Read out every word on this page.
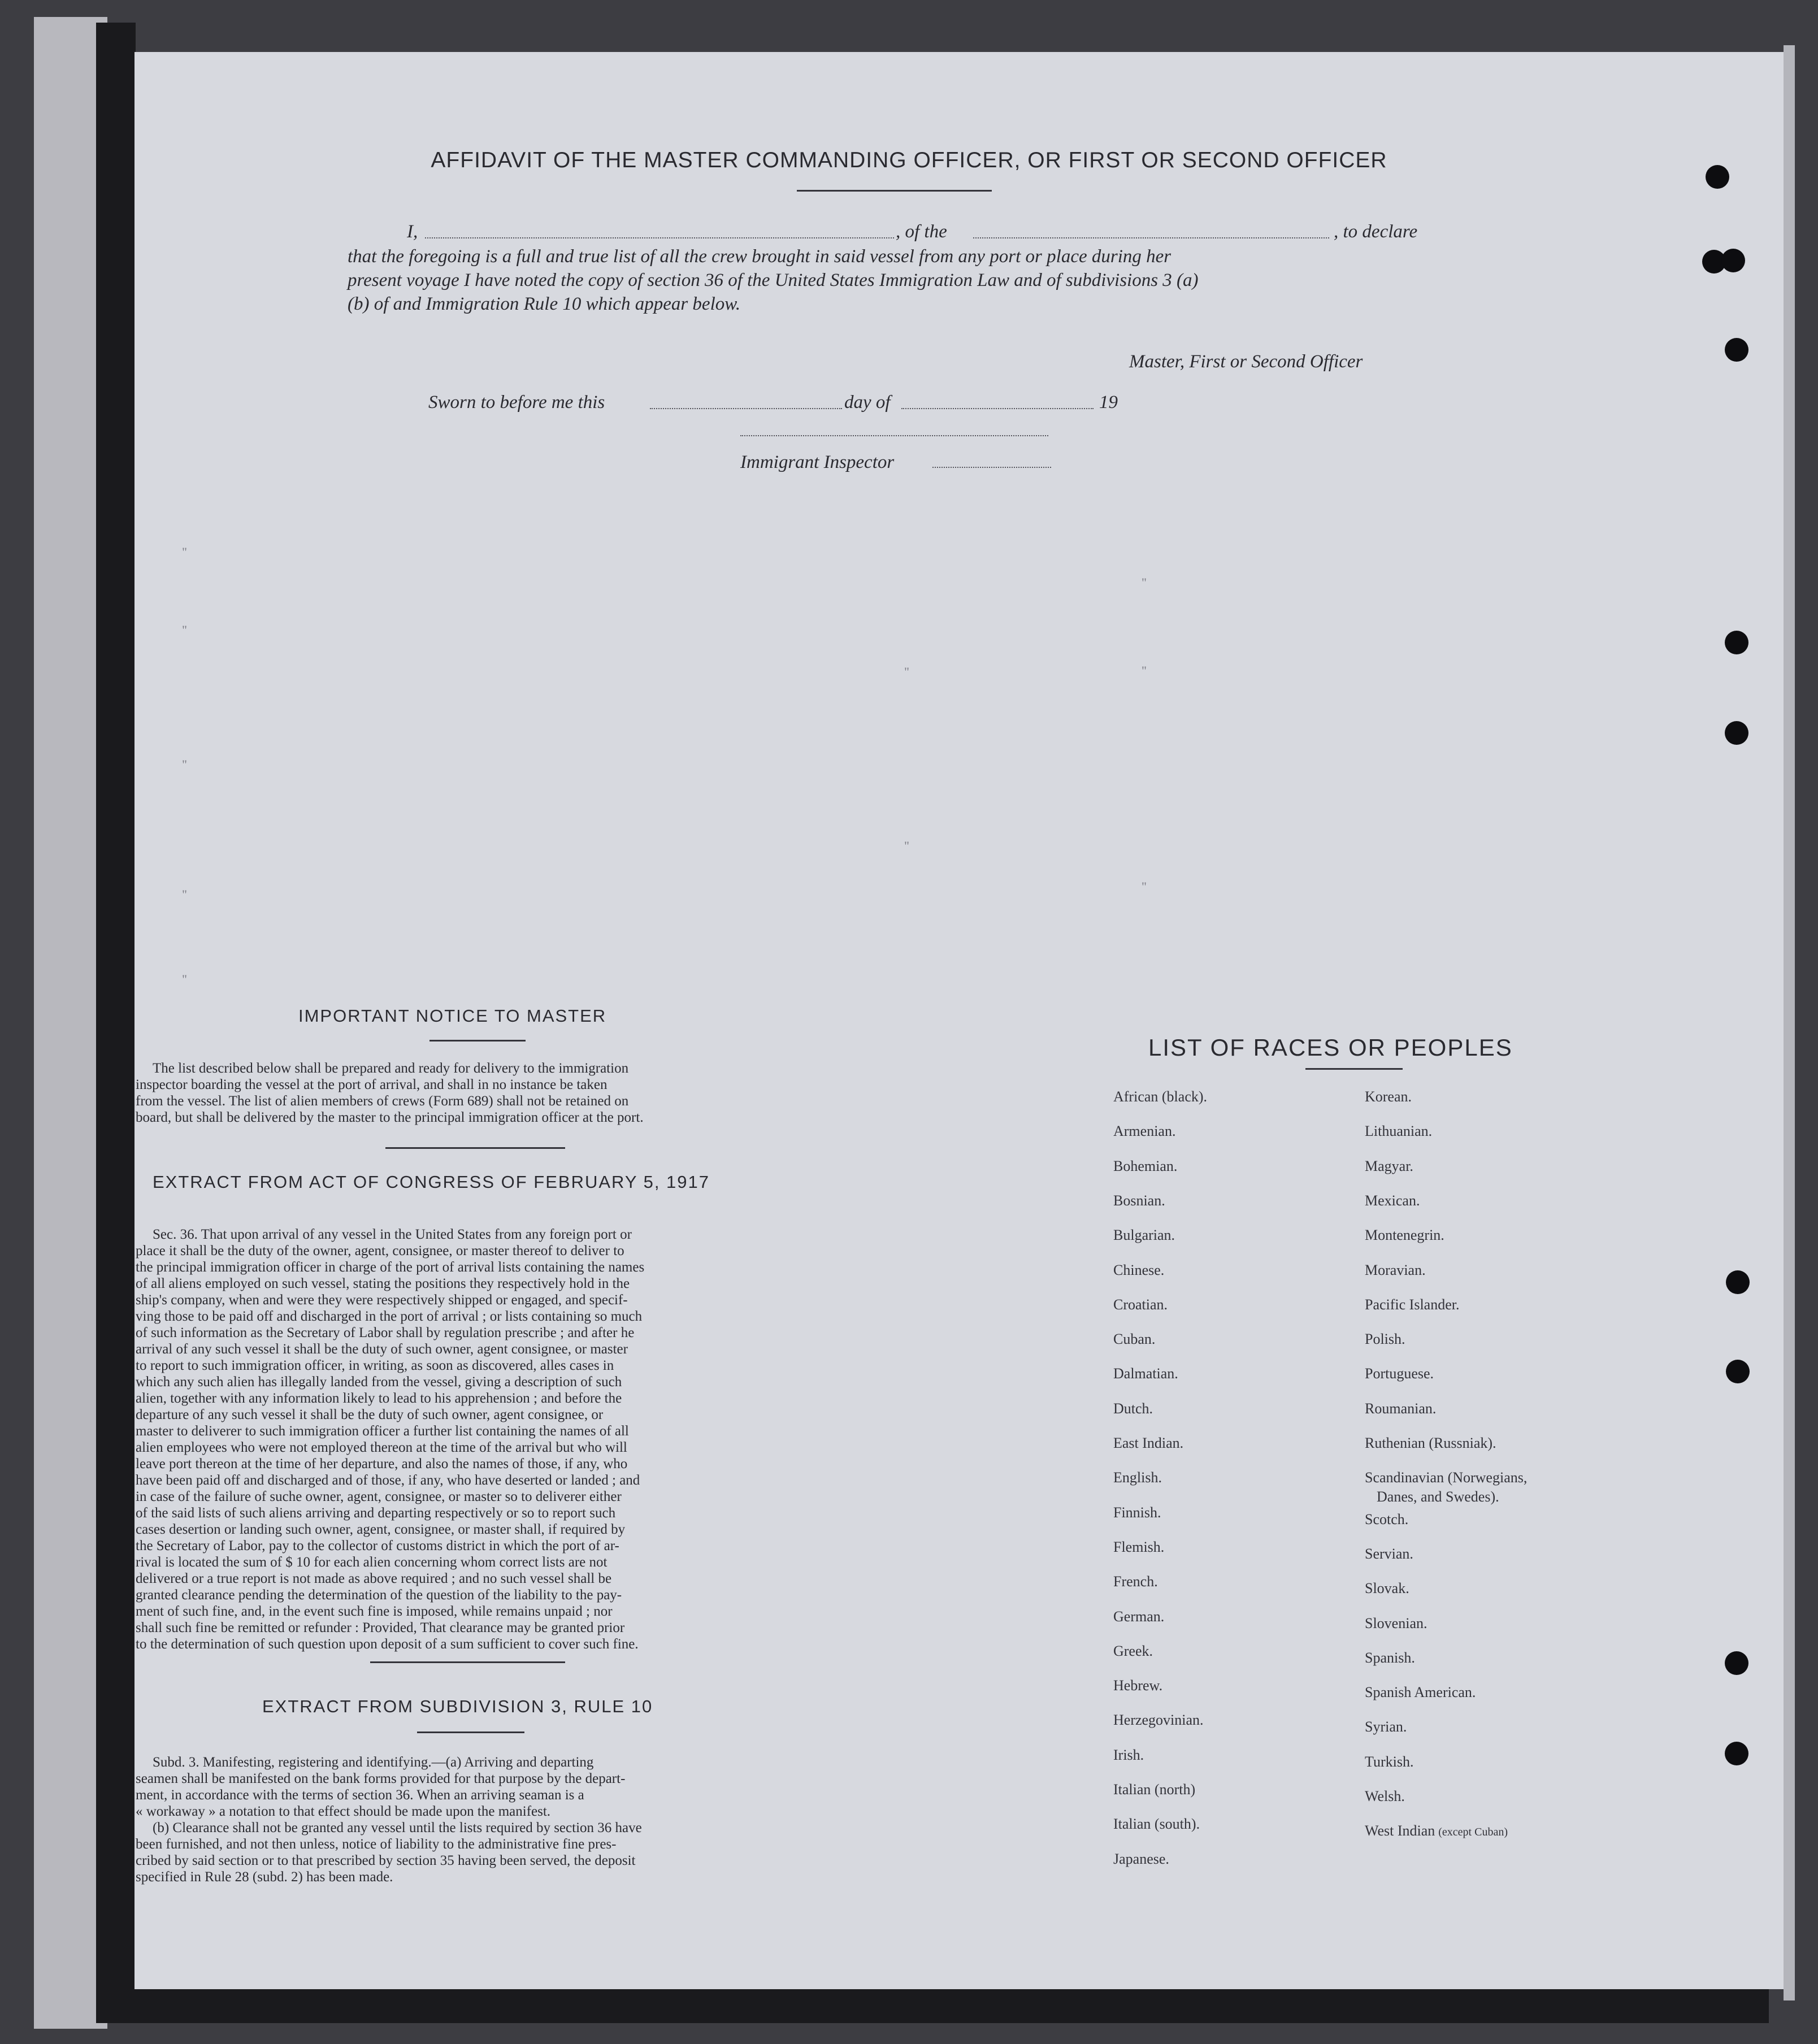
AFFIDAVIT OF THE MASTER COMMANDING OFFICER, OR FIRST OR SECOND OFFICER
I,	, of the	, to declare
that the foregoing is a full and true list of all the crew brought in said vessel from any port or place during her
present voyage I have noted the copy of section 36 of the United States Immigration Law and of subdivisions 3 (a)
(b) of and Immigration Rule 10 which appear below.
Master, First or Second Officer
Sworn to before me this	day of	19
Immigrant Inspector
"
"
"
"
"
"
"
"
"
"
IMPORTANT NOTICE TO MASTER
The list described below shall be prepared and ready for delivery to the immigration
inspector boarding the vessel at the port of arrival, and shall in no instance be taken
from the vessel. The list of alien members of crews (Form 689) shall not be retained on
board, but shall be delivered by the master to the principal immigration officer at the port.
EXTRACT FROM ACT OF CONGRESS OF FEBRUARY 5, 1917
Sec. 36. That upon arrival of any vessel in the United States from any foreign port or
place it shall be the duty of the owner, agent, consignee, or master thereof to deliver to
the principal immigration officer in charge of the port of arrival lists containing the names
of all aliens employed on such vessel, stating the positions they respectively hold in the
ship's company, when and were they were respectively shipped or engaged, and specif-
ving those to be paid off and discharged in the port of arrival ; or lists containing so much
of such information as the Secretary of Labor shall by regulation prescribe ; and after he
arrival of any such vessel it shall be the duty of such owner, agent consignee, or master
to report to such immigration officer, in writing, as soon as discovered, alles cases in
which any such alien has illegally landed from the vessel, giving a description of such
alien, together with any information likely to lead to his apprehension ; and before the
departure of any such vessel it shall be the duty of such owner, agent consignee, or
master to deliverer to such immigration officer a further list containing the names of all
alien employees who were not employed thereon at the time of the arrival but who will
leave port thereon at the time of her departure, and also the names of those, if any, who
have been paid off and discharged and of those, if any, who have deserted or landed ; and
in case of the failure of suche owner, agent, consignee, or master so to deliverer either
of the said lists of such aliens arriving and departing respectively or so to report such
cases desertion or landing such owner, agent, consignee, or master shall, if required by
the Secretary of Labor, pay to the collector of customs district in which the port of ar-
rival is located the sum of $ 10 for each alien concerning whom correct lists are not
delivered or a true report is not made as above required ; and no such vessel shall be
granted clearance pending the determination of the question of the liability to the pay-
ment of such fine, and, in the event such fine is imposed, while remains unpaid ; nor
shall such fine be remitted or refunder : Provided, That clearance may be granted prior
to the determination of such question upon deposit of a sum sufficient to cover such fine.
EXTRACT FROM SUBDIVISION 3, RULE 10
Subd. 3. Manifesting, registering and identifying.—(a) Arriving and departing
seamen shall be manifested on the bank forms provided for that purpose by the depart-
ment, in accordance with the terms of section 36. When an arriving seaman is a
« workaway » a notation to that effect should be made upon the manifest.
(b) Clearance shall not be granted any vessel until the lists required by section 36 have
been furnished, and not then unless, notice of liability to the administrative fine pres-
cribed by said section or to that prescribed by section 35 having been served, the deposit
specified in Rule 28 (subd. 2) has been made.
LIST OF RACES OR PEOPLES
African (black).
Armenian.
Bohemian.
Bosnian.
Bulgarian.
Chinese.
Croatian.
Cuban.
Dalmatian.
Dutch.
East Indian.
English.
Finnish.
Flemish.
French.
German.
Greek.
Hebrew.
Herzegovinian.
Irish.
Italian (north)
Italian (south).
Japanese.
Korean.
Lithuanian.
Magyar.
Mexican.
Montenegrin.
Moravian.
Pacific Islander.
Polish.
Portuguese.
Roumanian.
Ruthenian (Russniak).
Scandinavian (Norwegians,
Scotch.
Servian.
Slovak.
Slovenian.
Spanish.
Spanish American.
Syrian.
Turkish.
Welsh.
West Indian (except Cuban)
Danes, and Swedes).
